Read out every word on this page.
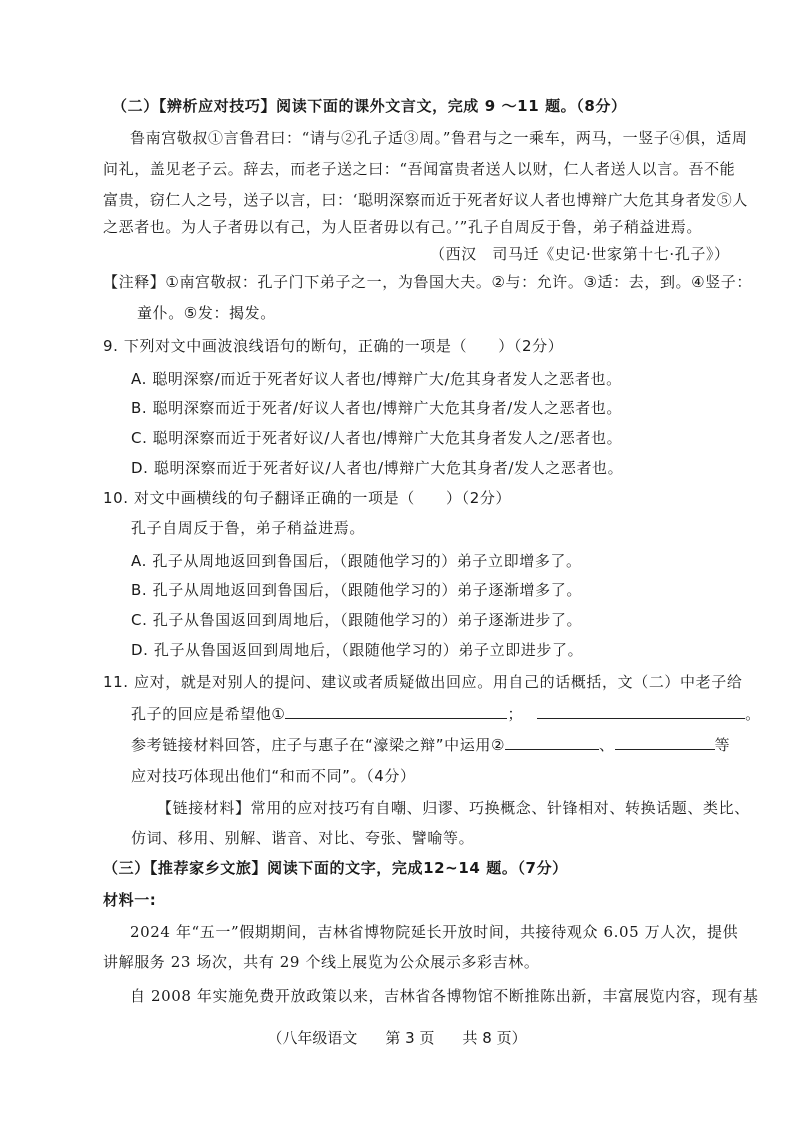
（二）【辨析应对技巧】阅读下面的课外文言文，完成 9 ～11 题。（8分）
鲁南宫敬叔①言鲁君曰：“请与②孔子适③周。”鲁君与之一乘车，两马，一竖子④俱，适周
问礼，盖见老子云。辞去，而老子送之曰：“吾闻富贵者送人以财，仁人者送人以言。吾不能
富贵，窃仁人之号，送子以言，曰：‘聪明深察而近于死者好议人者也博辩广大危其身者发⑤人
之恶者也。为人子者毋以有己，为人臣者毋以有己。’”孔子自周反于鲁，弟子稍益进焉。
（西汉　司马迁《史记·世家第十七·孔子》）
【注释】①南宫敬叔：孔子门下弟子之一，为鲁国大夫。②与：允许。③适：去，到。④竖子：
童仆。⑤发：揭发。
9. 下列对文中画波浪线语句的断句，正确的一项是（　　）（2分）
A. 聪明深察/而近于死者好议人者也/博辩广大/危其身者发人之恶者也。
B. 聪明深察而近于死者/好议人者也/博辩广大危其身者/发人之恶者也。
C. 聪明深察而近于死者好议/人者也/博辩广大危其身者发人之/恶者也。
D. 聪明深察而近于死者好议/人者也/博辩广大危其身者/发人之恶者也。
10. 对文中画横线的句子翻译正确的一项是（　　）（2分）
孔子自周反于鲁，弟子稍益进焉。
A. 孔子从周地返回到鲁国后，（跟随他学习的）弟子立即增多了。
B. 孔子从周地返回到鲁国后，（跟随他学习的）弟子逐渐增多了。
C. 孔子从鲁国返回到周地后，（跟随他学习的）弟子逐渐进步了。
D. 孔子从鲁国返回到周地后，（跟随他学习的）弟子立即进步了。
11. 应对，就是对别人的提问、建议或者质疑做出回应。用自己的话概括，文（二）中老子给
孔子的回应是希望他①	；	。
参考链接材料回答，庄子与惠子在“濠梁之辩”中运用②	、	等
应对技巧体现出他们“和而不同”。（4分）
【链接材料】常用的应对技巧有自嘲、归谬、巧换概念、针锋相对、转换话题、类比、
仿词、移用、别解、谐音、对比、夸张、譬喻等。
（三）【推荐家乡文旅】阅读下面的文字，完成12~14 题。（7分）
材料一:
2024 年“五一”假期期间，吉林省博物院延长开放时间，共接待观众 6.05 万人次，提供
讲解服务 23 场次，共有 29 个线上展览为公众展示多彩吉林。
自 2008 年实施免费开放政策以来，吉林省各博物馆不断推陈出新，丰富展览内容，现有基
（八年级语文 第 3 页 共 8 页）
